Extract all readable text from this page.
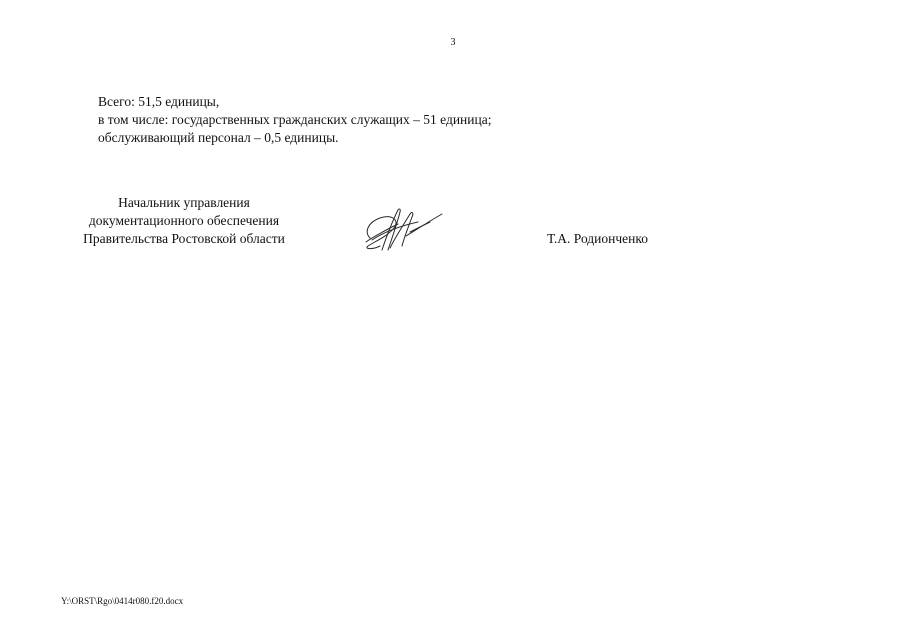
3
Всего: 51,5 единицы,
в том числе: государственных гражданских служащих – 51 единица;
обслуживающий персонал – 0,5 единицы.
Начальник управления
документационного обеспечения
Правительства Ростовской области	Т.А. Родионченко
Y:\ORST\Rgo\0414r080.f20.docx
